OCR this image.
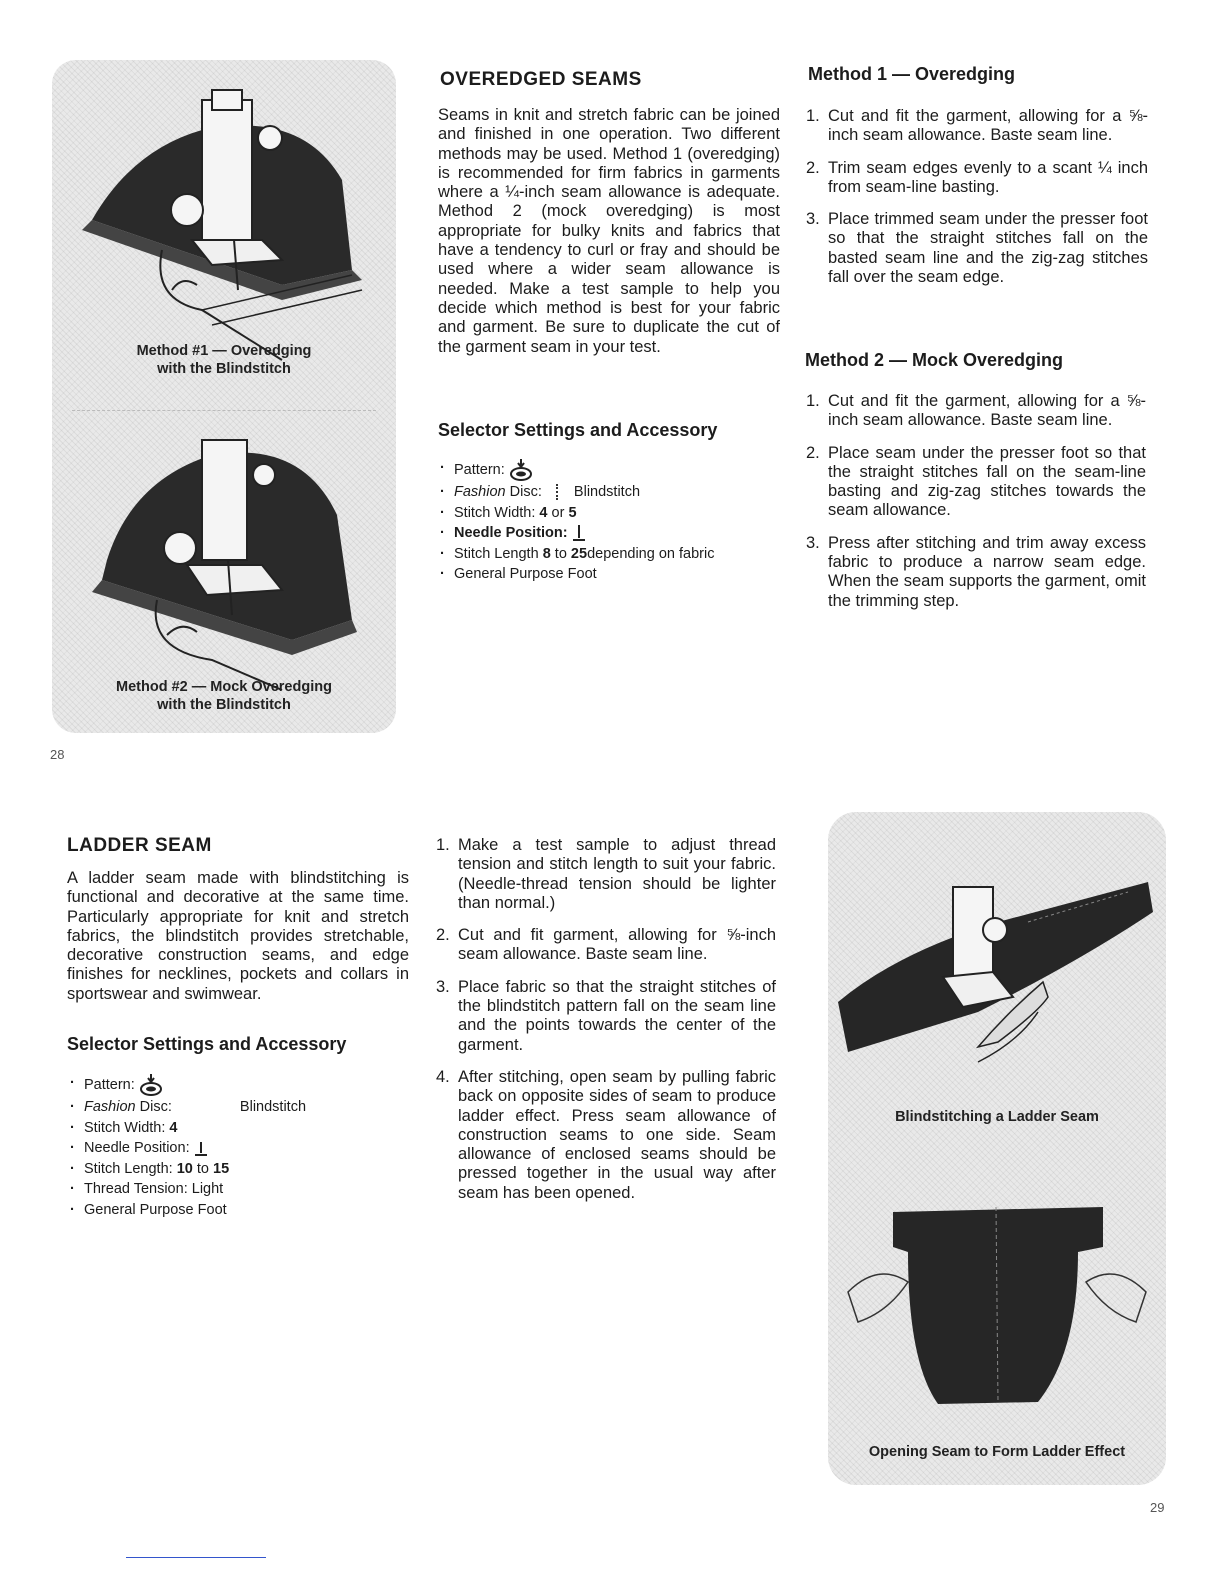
Method #1 — Overedging
with the Blindstitch
Method #2 — Mock Overedging
with the Blindstitch
28
OVEREDGED SEAMS

Seams in knit and stretch fabric can be joined and finished in one operation. Two different methods may be used. Method 1 (overedging) is recommended for firm fabrics in garments where a ¼-inch seam allowance is adequate. Method 2 (mock overedging) is most appropriate for bulky knits and fabrics that have a tendency to curl or fray and should be used where a wider seam allowance is needed. Make a test sample to help you decide which method is best for your fabric and garment. Be sure to duplicate the cut of the garment seam in your test.

Selector Settings and Accessory
· Pattern:
· Fashion Disc: Blindstitch
· Stitch Width: 4 or 5
· Needle Position:
· Stitch Length 8 to 25depending on fabric
· General Purpose Foot
Method 1 — Overedging
1. Cut and fit the garment, allowing for a ⅝-inch seam allowance. Baste seam line.
2. Trim seam edges evenly to a scant ¼ inch from seam-line basting.
3. Place trimmed seam under the presser foot so that the straight stitches fall on the basted seam line and the zig-zag stitches fall over the seam edge.
Method 2 — Mock Overedging
1. Cut and fit the garment, allowing for a ⅝-inch seam allowance. Baste seam line.
2. Place seam under the presser foot so that the straight stitches fall on the seam-line basting and zig-zag stitches towards the seam allowance.
3. Press after stitching and trim away excess fabric to produce a narrow seam edge. When the seam supports the garment, omit the trimming step.
LADDER SEAM

A ladder seam made with blindstitching is functional and decorative at the same time. Particularly appropriate for knit and stretch fabrics, the blindstitch provides stretchable, decorative construction seams, and edge finishes for necklines, pockets and collars in sportswear and swimwear.

Selector Settings and Accessory
· Pattern:
· Fashion Disc:	Blindstitch
· Stitch Width: 4
· Needle Position:
· Stitch Length: 10 to 15
· Thread Tension: Light
· General Purpose Foot
1. Make a test sample to adjust thread tension and stitch length to suit your fabric. (Needle-thread tension should be lighter than normal.)
2. Cut and fit garment, allowing for ⅝-inch seam allowance. Baste seam line.
3. Place fabric so that the straight stitches of the blindstitch pattern fall on the seam line and the points towards the center of the garment.
4. After stitching, open seam by pulling fabric back on opposite sides of seam to produce ladder effect. Press seam allowance of construction seams to one side. Seam allowance of enclosed seams should be pressed together in the usual way after seam has been opened.
Blindstitching a Ladder Seam
Opening Seam to Form Ladder Effect
29
